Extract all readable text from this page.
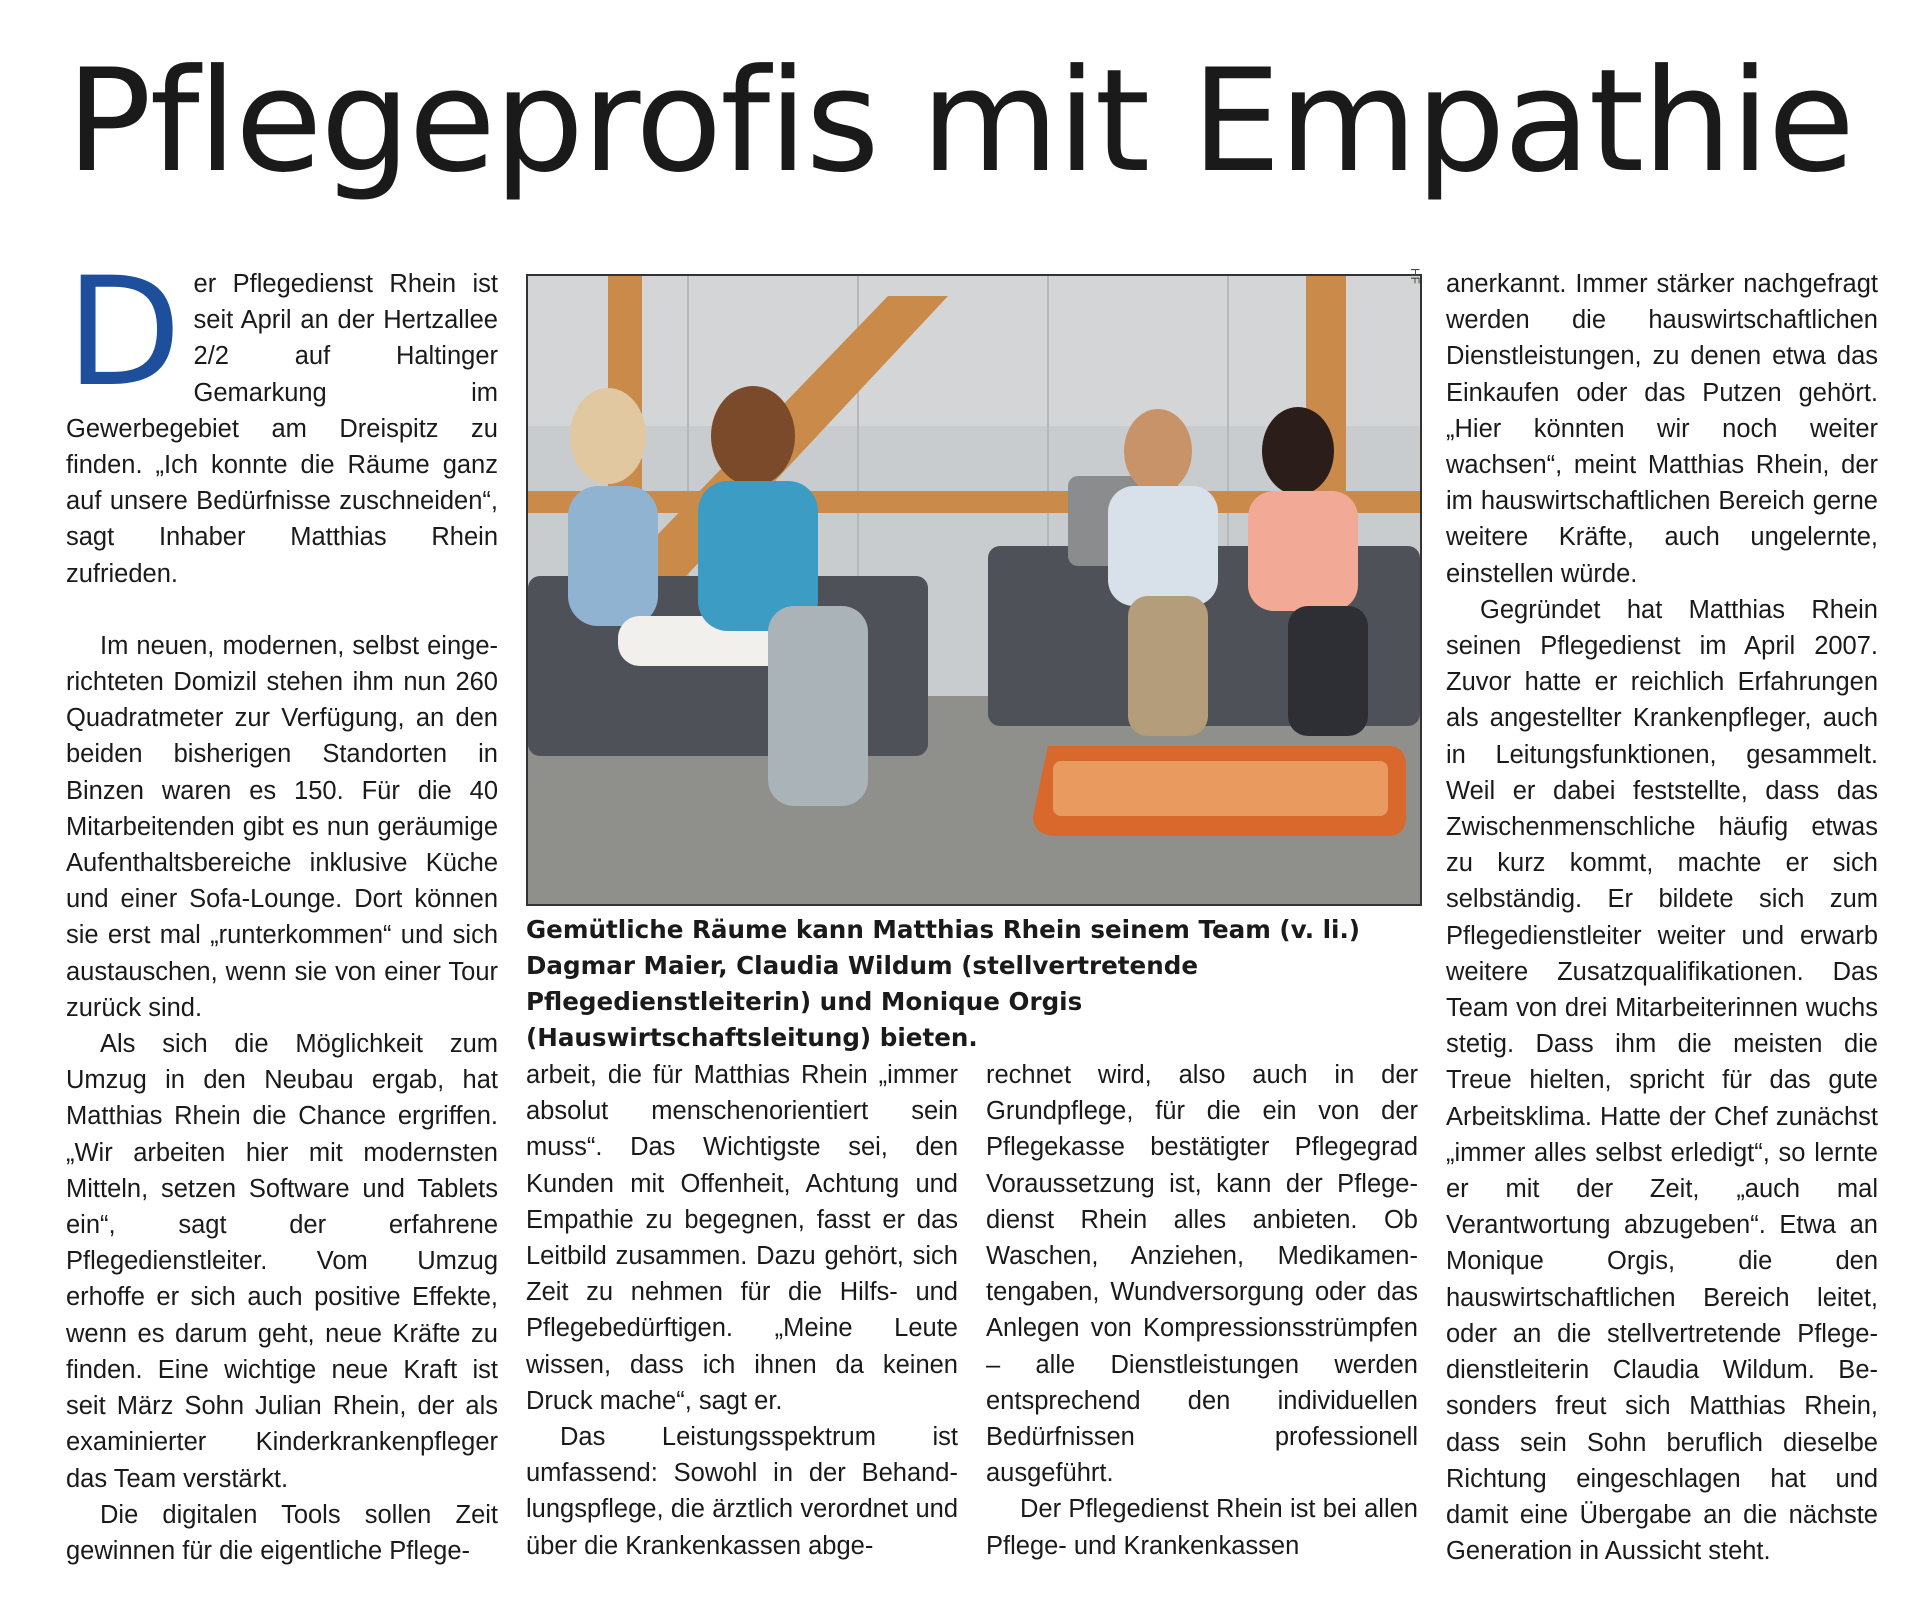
Pflegeprofis mit Empathie

Der Pflegedienst Rhein ist seit April an der Hertzallee 2/2 auf Haltinger Gemarkung im Gewerbegebiet am Dreispitz zu finden. „Ich konnte die Räume ganz auf unsere Bedürfnisse zuschneiden“, sagt Inhaber Matthias Rhein zufrieden.

Im neuen, modernen, selbst eingerichteten Domizil stehen ihm nun 260 Quadratmeter zur Verfügung, an den beiden bisherigen Standorten in Binzen waren es 150. Für die 40 Mitarbeitenden gibt es nun geräumige Aufenthaltsbereiche inklusive Küche und einer Sofa-Lounge. Dort können sie erst mal „runterkommen“ und sich austauschen, wenn sie von einer Tour zurück sind.

Als sich die Möglichkeit zum Umzug in den Neubau ergab, hat Matthias Rhein die Chance ergriffen. „Wir arbeiten hier mit modernsten Mitteln, setzen Software und Tablets ein“, sagt der erfahrene Pflegedienstleiter. Vom Umzug erhoffe er sich auch positive Effekte, wenn es darum geht, neue Kräfte zu finden. Eine wichtige neue Kraft ist seit März Sohn Julian Rhein, der als examinierter Kinderkrankenpfleger das Team verstärkt.

Die digitalen Tools sollen Zeit gewinnen für die eigentliche Pflege-

HF

Gemütliche Räume kann Matthias Rhein seinem Team (v. li.) Dagmar Maier, Claudia Wildum (stellvertretende Pflegedienstleiterin) und Monique Orgis (Hauswirtschaftsleitung) bieten.

arbeit, die für Matthias Rhein „immer absolut menschenorientiert sein muss“. Das Wichtigste sei, den Kunden mit Offenheit, Achtung und Empathie zu begegnen, fasst er das Leitbild zusammen. Dazu gehört, sich Zeit zu nehmen für die Hilfs- und Pflegebedürftigen. „Meine Leute wissen, dass ich ihnen da keinen Druck mache“, sagt er.

Das Leistungsspektrum ist umfassend: Sowohl in der Behandlungspflege, die ärztlich verordnet und über die Krankenkassen abge-

rechnet wird, also auch in der Grundpflege, für die ein von der Pflegekasse bestätigter Pflegegrad Voraussetzung ist, kann der Pflegedienst Rhein alles anbieten. Ob Waschen, Anziehen, Medikamentengaben, Wundversorgung oder das Anlegen von Kompressionsstrümpfen – alle Dienstleistungen werden entsprechend den individuellen Bedürfnissen professionell ausgeführt.

Der Pflegedienst Rhein ist bei allen Pflege- und Krankenkassen

anerkannt. Immer stärker nachgefragt werden die hauswirtschaftlichen Dienstleistungen, zu denen etwa das Einkaufen oder das Putzen gehört. „Hier könnten wir noch weiter wachsen“, meint Matthias Rhein, der im hauswirtschaftlichen Bereich gerne weitere Kräfte, auch ungelernte, einstellen würde.

Gegründet hat Matthias Rhein seinen Pflegedienst im April 2007. Zuvor hatte er reichlich Erfahrungen als angestellter Krankenpfleger, auch in Leitungsfunktionen, gesammelt. Weil er dabei feststellte, dass das Zwischenmenschliche häufig etwas zu kurz kommt, machte er sich selbständig. Er bildete sich zum Pflegedienstleiter weiter und erwarb weitere Zusatzqualifikationen. Das Team von drei Mitarbeiterinnen wuchs stetig. Dass ihm die meisten die Treue hielten, spricht für das gute Arbeitsklima. Hatte der Chef zunächst „immer alles selbst erledigt“, so lernte er mit der Zeit, „auch mal Verantwortung abzugeben“. Etwa an Monique Orgis, die den hauswirtschaftlichen Bereich leitet, oder an die stellvertretende Pflegedienstleiterin Claudia Wildum. Besonders freut sich Matthias Rhein, dass sein Sohn beruflich dieselbe Richtung eingeschlagen hat und damit eine Übergabe an die nächste Generation in Aussicht steht.
